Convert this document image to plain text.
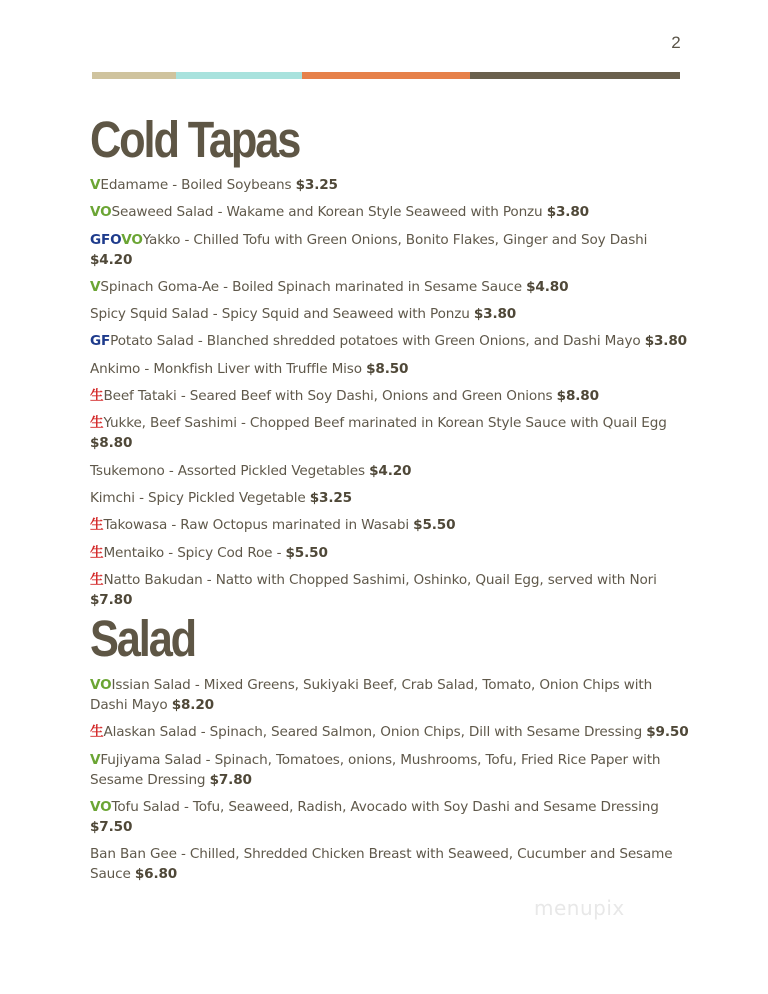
2
Cold Tapas
VEdamame - Boiled Soybeans $3.25
VOSeaweed Salad - Wakame and Korean Style Seaweed with Ponzu $3.80
GFOVOYakko - Chilled Tofu with Green Onions, Bonito Flakes, Ginger and Soy Dashi $4.20
VSpinach Goma-Ae - Boiled Spinach marinated in Sesame Sauce $4.80
Spicy Squid Salad - Spicy Squid and Seaweed with Ponzu $3.80
GFPotato Salad - Blanched shredded potatoes with Green Onions, and Dashi Mayo $3.80
Ankimo - Monkfish Liver with Truffle Miso $8.50
生Beef Tataki - Seared Beef with Soy Dashi, Onions and Green Onions $8.80
生Yukke, Beef Sashimi - Chopped Beef marinated in Korean Style Sauce with Quail Egg $8.80
Tsukemono - Assorted Pickled Vegetables $4.20
Kimchi - Spicy Pickled Vegetable $3.25
生Takowasa - Raw Octopus marinated in Wasabi $5.50
生Mentaiko - Spicy Cod Roe - $5.50
生Natto Bakudan - Natto with Chopped Sashimi, Oshinko, Quail Egg, served with Nori $7.80
Salad
VOIssian Salad - Mixed Greens, Sukiyaki Beef, Crab Salad, Tomato, Onion Chips with Dashi Mayo $8.20
生Alaskan Salad - Spinach, Seared Salmon, Onion Chips, Dill with Sesame Dressing $9.50
VFujiyama Salad - Spinach, Tomatoes, onions, Mushrooms, Tofu, Fried Rice Paper with Sesame Dressing $7.80
VOTofu Salad - Tofu, Seaweed, Radish, Avocado with Soy Dashi and Sesame Dressing $7.50
Ban Ban Gee - Chilled, Shredded Chicken Breast with Seaweed, Cucumber and Sesame Sauce $6.80
menupix
